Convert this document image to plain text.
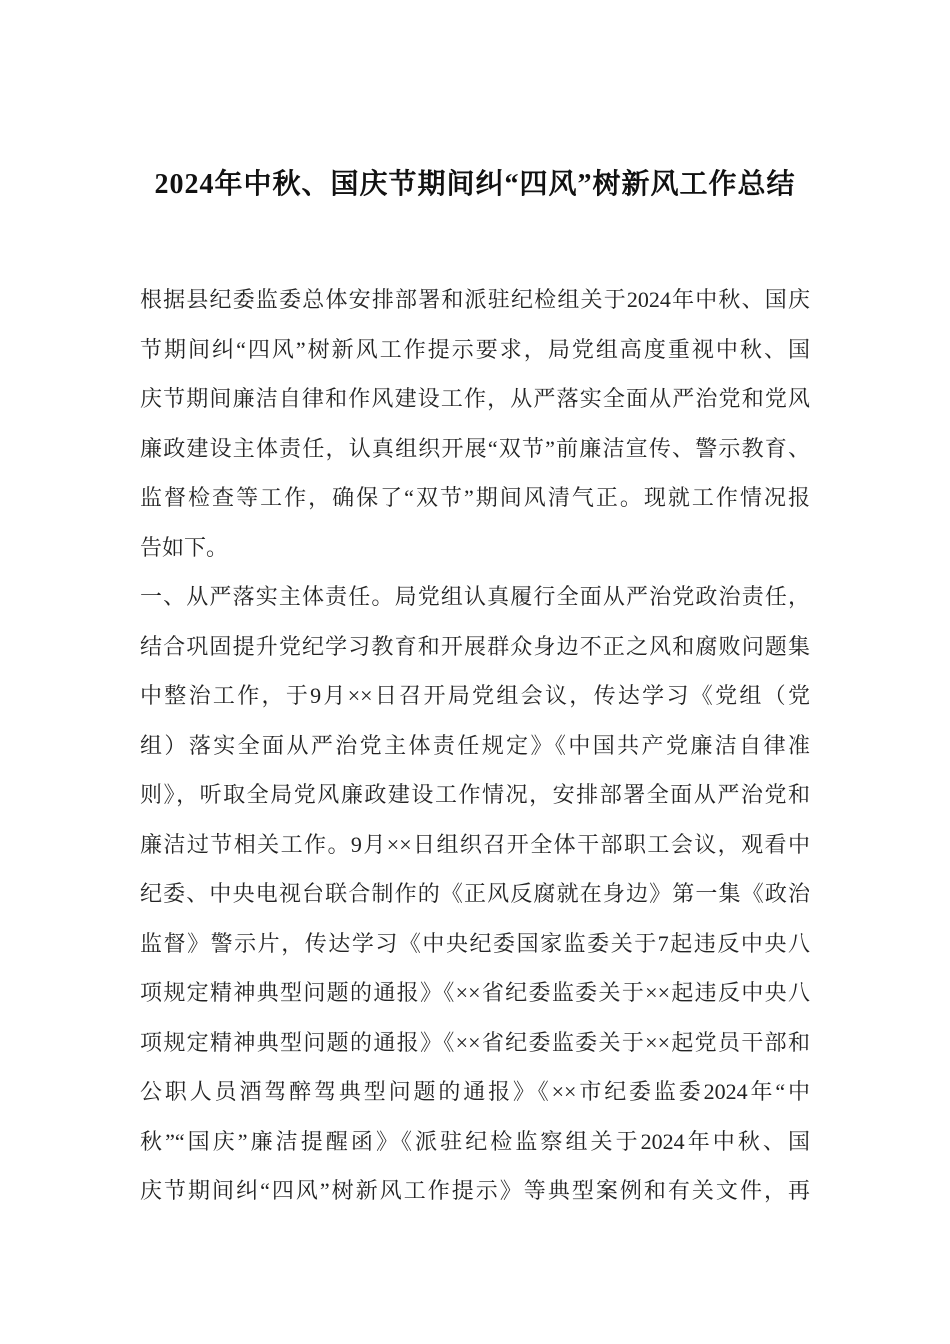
2024年中秋、国庆节期间纠“四风”树新风工作总结
根据县纪委监委总体安排部署和派驻纪检组关于2024年中秋、国庆
节期间纠“四风”树新风工作提示要求，局党组高度重视中秋、国
庆节期间廉洁自律和作风建设工作，从严落实全面从严治党和党风
廉政建设主体责任，认真组织开展“双节”前廉洁宣传、警示教育、
监督检查等工作，确保了“双节”期间风清气正。现就工作情况报
告如下。
一、从严落实主体责任。局党组认真履行全面从严治党政治责任，
结合巩固提升党纪学习教育和开展群众身边不正之风和腐败问题集
中整治工作，于9月××日召开局党组会议，传达学习《党组（党
组）落实全面从严治党主体责任规定》《中国共产党廉洁自律准
则》，听取全局党风廉政建设工作情况，安排部署全面从严治党和
廉洁过节相关工作。9月××日组织召开全体干部职工会议，观看中
纪委、中央电视台联合制作的《正风反腐就在身边》第一集《政治
监督》警示片，传达学习《中央纪委国家监委关于7起违反中央八
项规定精神典型问题的通报》《××省纪委监委关于××起违反中央八
项规定精神典型问题的通报》《××省纪委监委关于××起党员干部和
公职人员酒驾醉驾典型问题的通报》《××市纪委监委2024年“中
秋”“国庆”廉洁提醒函》《派驻纪检监察组关于2024年中秋、国
庆节期间纠“四风”树新风工作提示》等典型案例和有关文件，再
